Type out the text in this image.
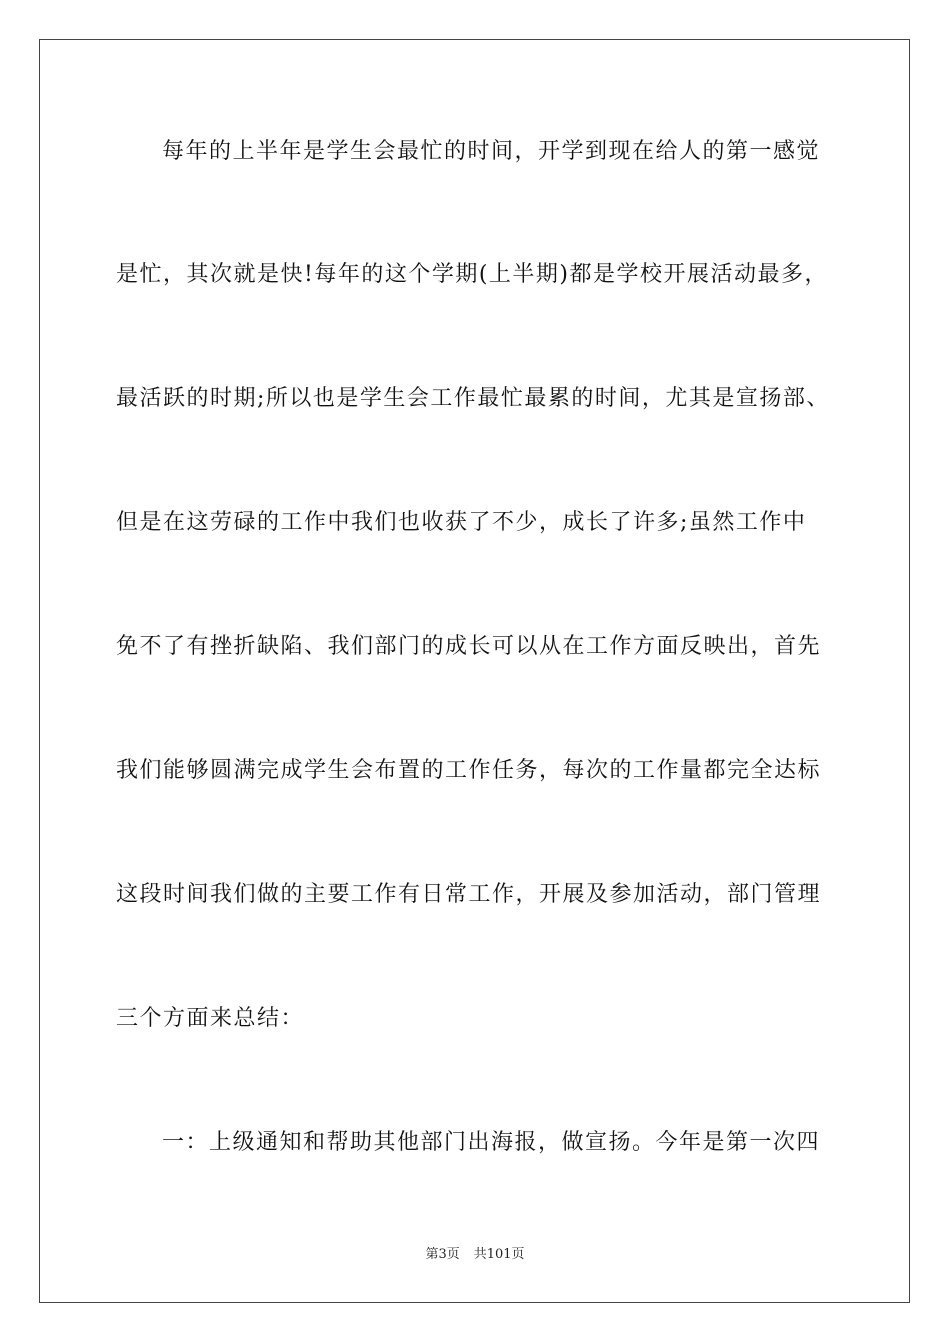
每年的上半年是学生会最忙的时间，开学到现在给人的第一感觉
是忙，其次就是快!每年的这个学期(上半期)都是学校开展活动最多，
最活跃的时期;所以也是学生会工作最忙最累的时间，尤其是宣扬部、
但是在这劳碌的工作中我们也收获了不少，成长了许多;虽然工作中
免不了有挫折缺陷、我们部门的成长可以从在工作方面反映出，首先
我们能够圆满完成学生会布置的工作任务，每次的工作量都完全达标
这段时间我们做的主要工作有日常工作，开展及参加活动，部门管理
三个方面来总结：
一：上级通知和帮助其他部门出海报，做宣扬。今年是第一次四
第3页 共101页
